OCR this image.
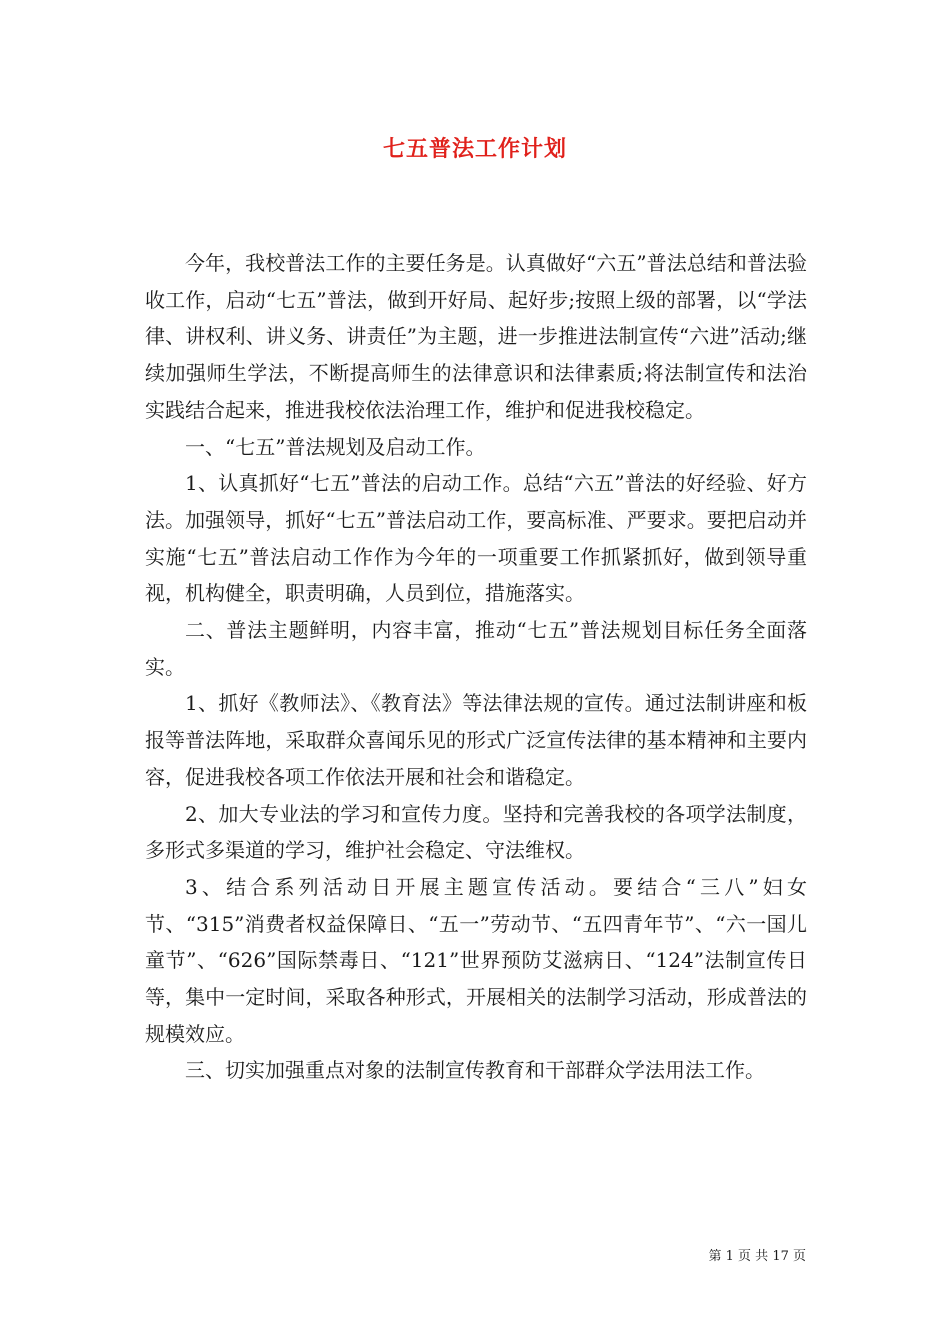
七五普法工作计划

今年，我校普法工作的主要任务是。认真做好“六五”普法总结和普法验收工作，启动“七五”普法，做到开好局、起好步;按照上级的部署，以“学法律、讲权利、讲义务、讲责任”为主题，进一步推进法制宣传“六进”活动;继续加强师生学法，不断提高师生的法律意识和法律素质;将法制宣传和法治实践结合起来，推进我校依法治理工作，维护和促进我校稳定。

一、“七五”普法规划及启动工作。

1、认真抓好“七五”普法的启动工作。总结“六五”普法的好经验、好方法。加强领导，抓好“七五”普法启动工作，要高标准、严要求。要把启动并实施“七五”普法启动工作作为今年的一项重要工作抓紧抓好，做到领导重视，机构健全，职责明确，人员到位，措施落实。

二、普法主题鲜明，内容丰富，推动“七五”普法规划目标任务全面落实。

1、抓好《教师法》、《教育法》等法律法规的宣传。通过法制讲座和板报等普法阵地，采取群众喜闻乐见的形式广泛宣传法律的基本精神和主要内容，促进我校各项工作依法开展和社会和谐稳定。

2、加大专业法的学习和宣传力度。坚持和完善我校的各项学法制度，多形式多渠道的学习，维护社会稳定、守法维权。

3、结合系列活动日开展主题宣传活动。要结合“三八”妇女节、“315”消费者权益保障日、“五一”劳动节、“五四青年节”、“六一国儿童节”、“626”国际禁毒日、“121”世界预防艾滋病日、“124”法制宣传日等，集中一定时间，采取各种形式，开展相关的法制学习活动，形成普法的规模效应。

三、切实加强重点对象的法制宣传教育和干部群众学法用法工作。

第 1 页 共 17 页
